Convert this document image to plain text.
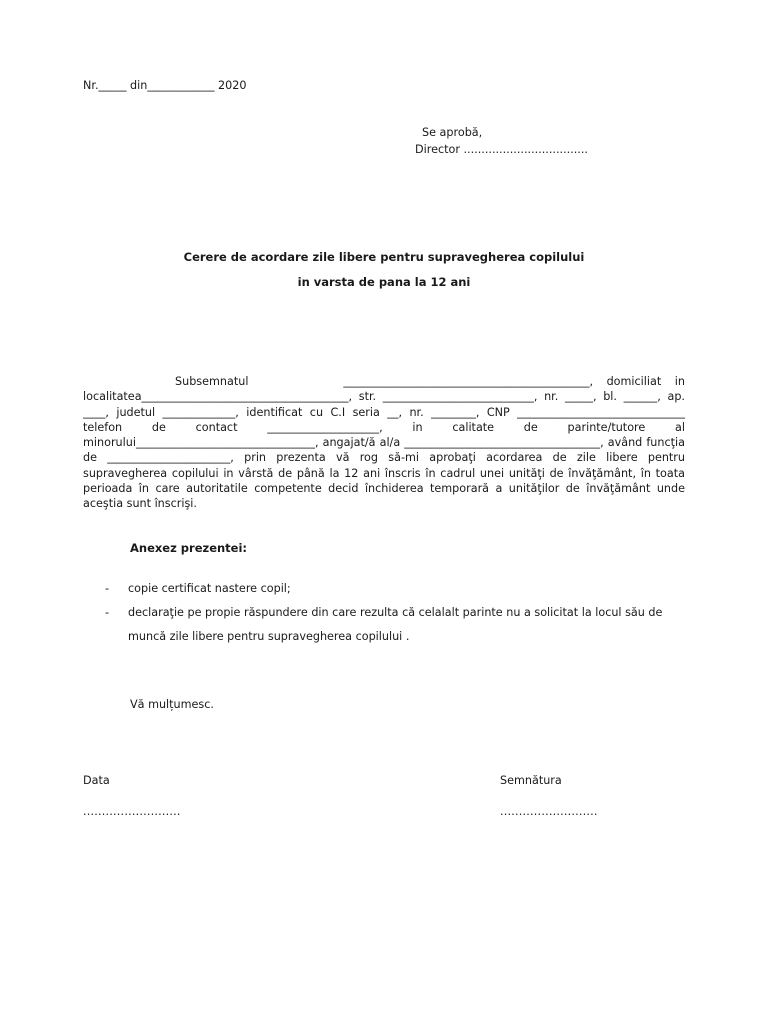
Nr._____ din____________ 2020
Se aprobă,
Director ...................................
Cerere de acordare zile libere pentru supravegherea copilului
in varsta de pana la 12 ani

Subsemnatul	____________________________________________, domiciliat in localitatea_____________________________________, str. ___________________________, nr. _____, bl. ______, ap. ____, judetul _____________, identificat cu C.I seria __, nr. ________, CNP ______________________________ telefon de contact ____________________, in calitate de parinte/tutore al minorului________________________________, angajat/ă al/a ___________________________________, având funcţia de ______________________, prin prezenta vă rog să-mi aprobaţi acordarea de zile libere pentru supravegherea copilului in vârstă de până la 12 ani înscris în cadrul unei unităţi de învăţământ, în toata perioada în care autoritatile competente decid închiderea temporară a unităţilor de învăţământ unde aceştia sunt înscrişi.

Anexez prezentei:
- copie certificat nastere copil;
- declaraţie pe propie răspundere din care rezulta că celalalt parinte nu a solicitat la locul său de muncă zile libere pentru supravegherea copilului .
Vă mulțumesc.
Data
..........................
Semnătura
..........................
